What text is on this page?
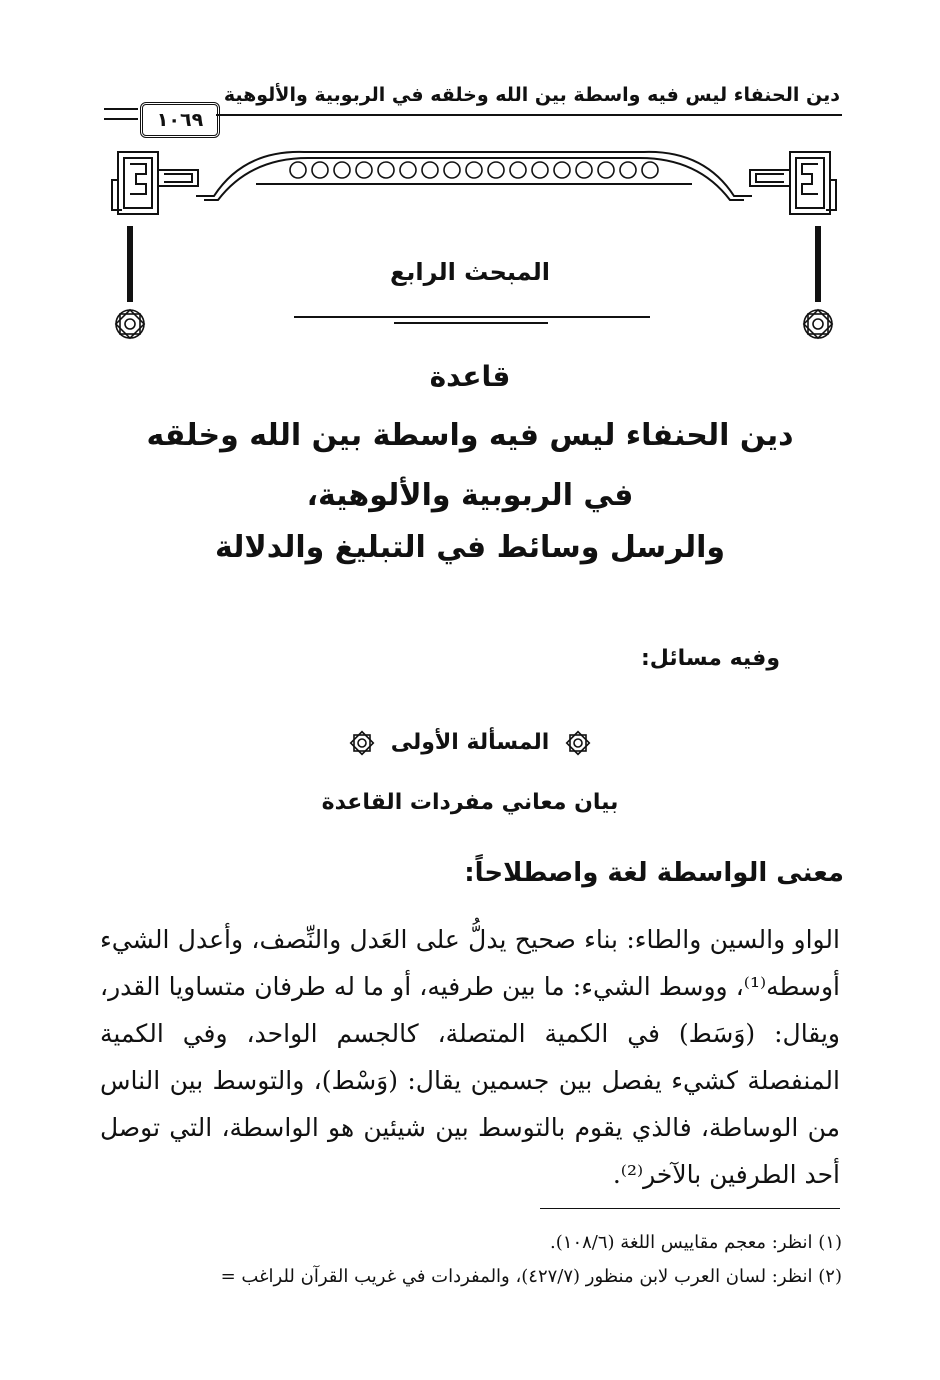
دين الحنفاء ليس فيه واسطة بين الله وخلقه في الربوبية والألوهية
١٠٦٩
المبحث الرابع
قاعدة
دين الحنفاء ليس فيه واسطة بين الله وخلقه
في الربوبية والألوهية،
والرسل وسائط في التبليغ والدلالة
وفيه مسائل:
المسألة الأولى
بيان معاني مفردات القاعدة
معنى الواسطة لغة واصطلاحاً:
الواو والسين والطاء: بناء صحيح يدلُّ على العَدل والنِّصف، وأعدل الشيء أوسطه⁽¹⁾، ووسط الشيء: ما بين طرفيه، أو ما له طرفان متساويا القدر، ويقال: (وَسَط) في الكمية المتصلة، كالجسم الواحد، وفي الكمية المنفصلة كشيء يفصل بين جسمين يقال: (وَسْط)، والتوسط بين الناس من الوساطة، فالذي يقوم بالتوسط بين شيئين هو الواسطة، التي توصل أحد الطرفين بالآخر⁽²⁾.
(١) انظر: معجم مقاييس اللغة (١٠٨/٦).
(٢) انظر: لسان العرب لابن منظور (٤٢٧/٧)، والمفردات في غريب القرآن للراغب =
